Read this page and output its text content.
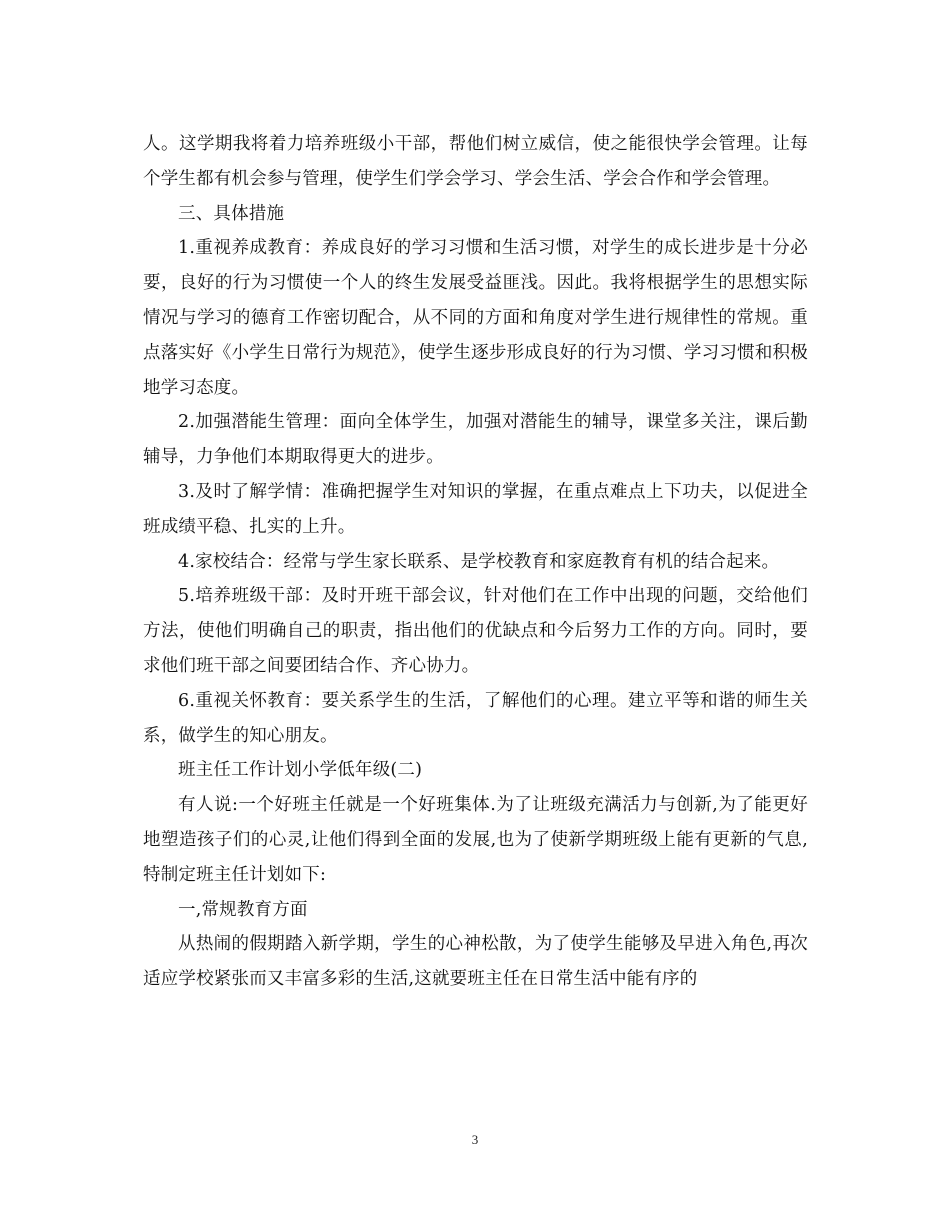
人。这学期我将着力培养班级小干部，帮他们树立威信，使之能很快学会管理。让每个学生都有机会参与管理，使学生们学会学习、学会生活、学会合作和学会管理。

三、具体措施

1.重视养成教育：养成良好的学习习惯和生活习惯，对学生的成长进步是十分必要，良好的行为习惯使一个人的终生发展受益匪浅。因此。我将根据学生的思想实际情况与学习的德育工作密切配合，从不同的方面和角度对学生进行规律性的常规。重点落实好《小学生日常行为规范》，使学生逐步形成良好的行为习惯、学习习惯和积极地学习态度。

2.加强潜能生管理：面向全体学生，加强对潜能生的辅导，课堂多关注，课后勤辅导，力争他们本期取得更大的进步。

3.及时了解学情：准确把握学生对知识的掌握，在重点难点上下功夫，以促进全班成绩平稳、扎实的上升。

4.家校结合：经常与学生家长联系、是学校教育和家庭教育有机的结合起来。

5.培养班级干部：及时开班干部会议，针对他们在工作中出现的问题，交给他们方法，使他们明确自己的职责，指出他们的优缺点和今后努力工作的方向。同时，要求他们班干部之间要团结合作、齐心协力。

6.重视关怀教育：要关系学生的生活，了解他们的心理。建立平等和谐的师生关系，做学生的知心朋友。

班主任工作计划小学低年级(二)

有人说:一个好班主任就是一个好班集体.为了让班级充满活力与创新,为了能更好地塑造孩子们的心灵,让他们得到全面的发展,也为了使新学期班级上能有更新的气息,特制定班主任计划如下:

一,常规教育方面

从热闹的假期踏入新学期，学生的心神松散，为了使学生能够及早进入角色,再次适应学校紧张而又丰富多彩的生活,这就要班主任在日常生活中能有序的

3
